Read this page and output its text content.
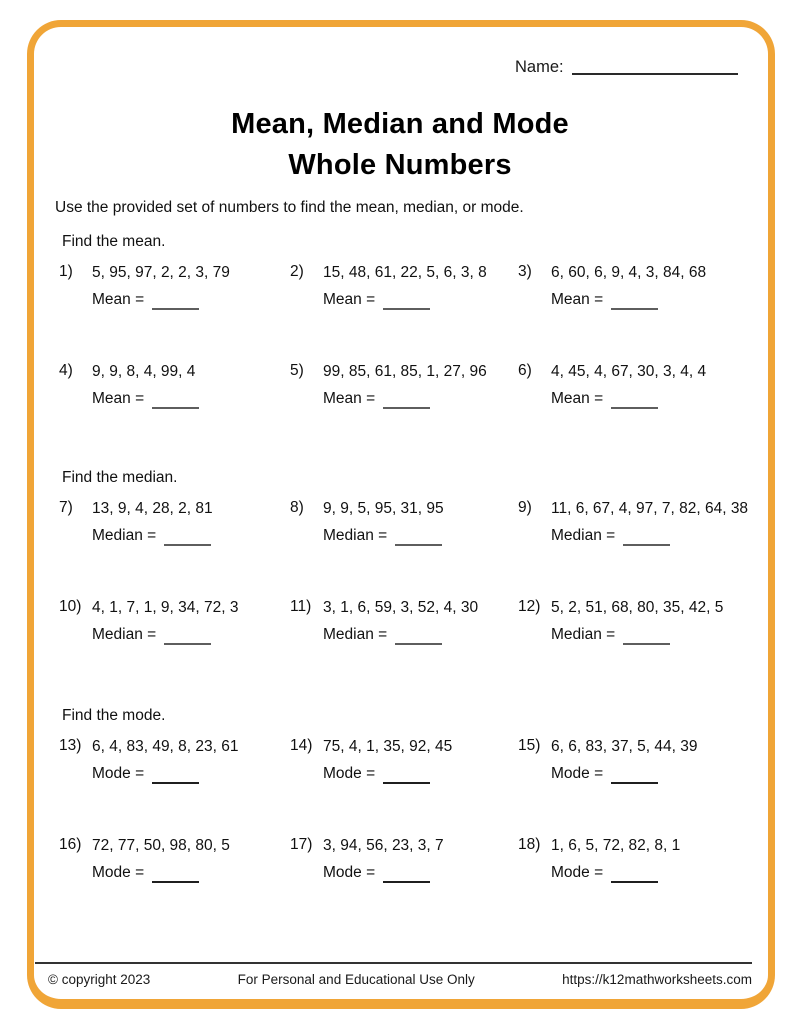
Name:
Mean, Median and Mode
Whole Numbers
Use the provided set of numbers to find the mean, median, or mode.
Find the mean.
1)	5, 95, 97, 2, 2, 3, 79
Mean =
2)	15, 48, 61, 22, 5, 6, 3, 8
Mean =
3)	6, 60, 6, 9, 4, 3, 84, 68
Mean =
4)	9, 9, 8, 4, 99, 4
Mean =
5)	99, 85, 61, 85, 1, 27, 96
Mean =
6)	4, 45, 4, 67, 30, 3, 4, 4
Mean =
Find the median.
7)	13, 9, 4, 28, 2, 81
Median =
8)	9, 9, 5, 95, 31, 95
Median =
9)	11, 6, 67, 4, 97, 7, 82, 64, 38
Median =
10) 4, 1, 7, 1, 9, 34, 72, 3
Median =
11) 3, 1, 6, 59, 3, 52, 4, 30
Median =
12) 5, 2, 51, 68, 80, 35, 42, 5
Median =
Find the mode.
13) 6, 4, 83, 49, 8, 23, 61
Mode =
14) 75, 4, 1, 35, 92, 45
Mode =
15) 6, 6, 83, 37, 5, 44, 39
Mode =
16) 72, 77, 50, 98, 80, 5
Mode =
17) 3, 94, 56, 23, 3, 7
Mode =
18) 1, 6, 5, 72, 82, 8, 1
Mode =
© copyright 2023	For Personal and Educational Use Only	https://k12mathworksheets.com
